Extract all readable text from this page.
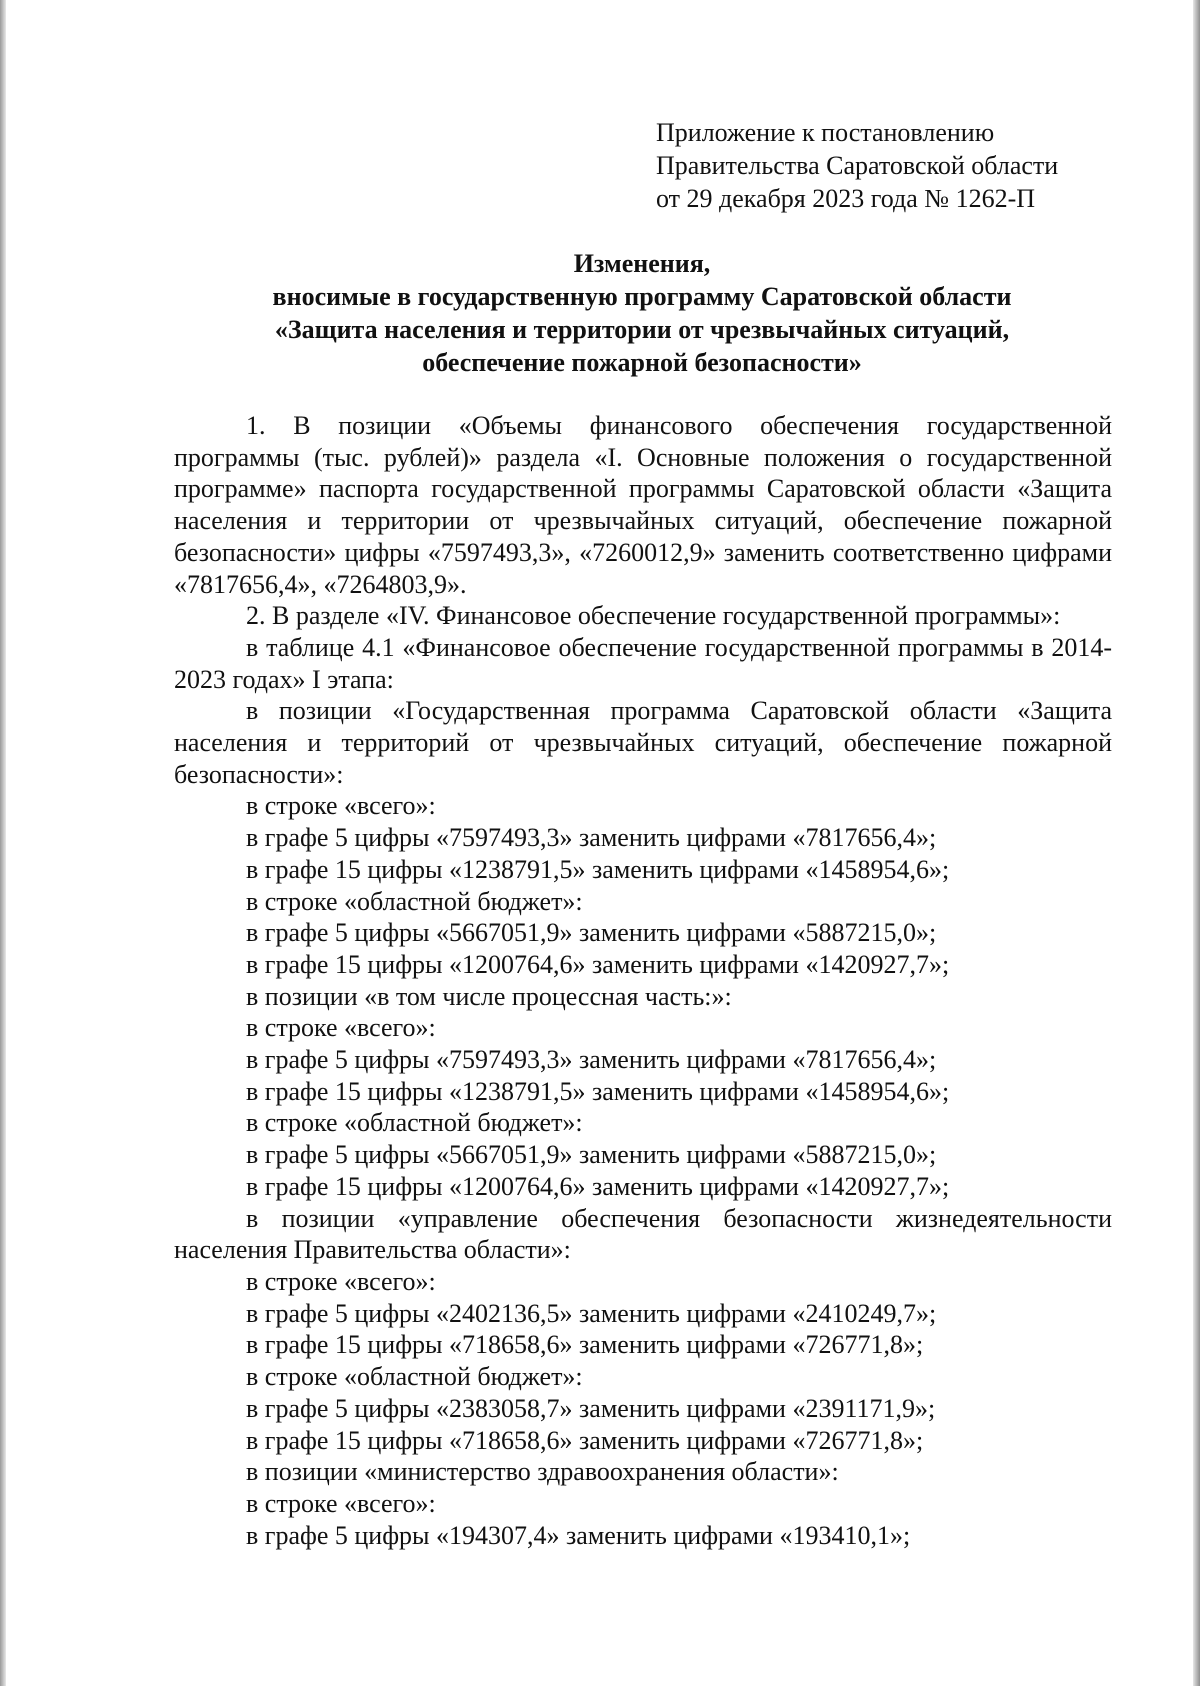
Приложение к постановлению
Правительства Саратовской области
от 29 декабря 2023 года № 1262-П
Изменения,
вносимые в государственную программу Саратовской области
«Защита населения и территории от чрезвычайных ситуаций,
обеспечение пожарной безопасности»

1. В позиции «Объемы финансового обеспечения государственной программы (тыс. рублей)» раздела «I. Основные положения о государственной программе» паспорта государственной программы Саратовской области «Защита населения и территории от чрезвычайных ситуаций, обеспечение пожарной безопасности» цифры «7597493,3», «7260012,9» заменить соответственно цифрами «7817656,4», «7264803,9».

2. В разделе «IV. Финансовое обеспечение государственной программы»:

в таблице 4.1 «Финансовое обеспечение государственной программы в 2014-2023 годах» I этапа:

в позиции «Государственная программа Саратовской области «Защита населения и территорий от чрезвычайных ситуаций, обеспечение пожарной безопасности»:

в строке «всего»:

в графе 5 цифры «7597493,3» заменить цифрами «7817656,4»;

в графе 15 цифры «1238791,5» заменить цифрами «1458954,6»;

в строке «областной бюджет»:

в графе 5 цифры «5667051,9» заменить цифрами «5887215,0»;

в графе 15 цифры «1200764,6» заменить цифрами «1420927,7»;

в позиции «в том числе процессная часть:»:

в строке «всего»:

в графе 5 цифры «7597493,3» заменить цифрами «7817656,4»;

в графе 15 цифры «1238791,5» заменить цифрами «1458954,6»;

в строке «областной бюджет»:

в графе 5 цифры «5667051,9» заменить цифрами «5887215,0»;

в графе 15 цифры «1200764,6» заменить цифрами «1420927,7»;

в позиции «управление обеспечения безопасности жизнедеятельности населения Правительства области»:

в строке «всего»:

в графе 5 цифры «2402136,5» заменить цифрами «2410249,7»;

в графе 15 цифры «718658,6» заменить цифрами «726771,8»;

в строке «областной бюджет»:

в графе 5 цифры «2383058,7» заменить цифрами «2391171,9»;

в графе 15 цифры «718658,6» заменить цифрами «726771,8»;

в позиции «министерство здравоохранения области»:

в строке «всего»:

в графе 5 цифры «194307,4» заменить цифрами «193410,1»;
